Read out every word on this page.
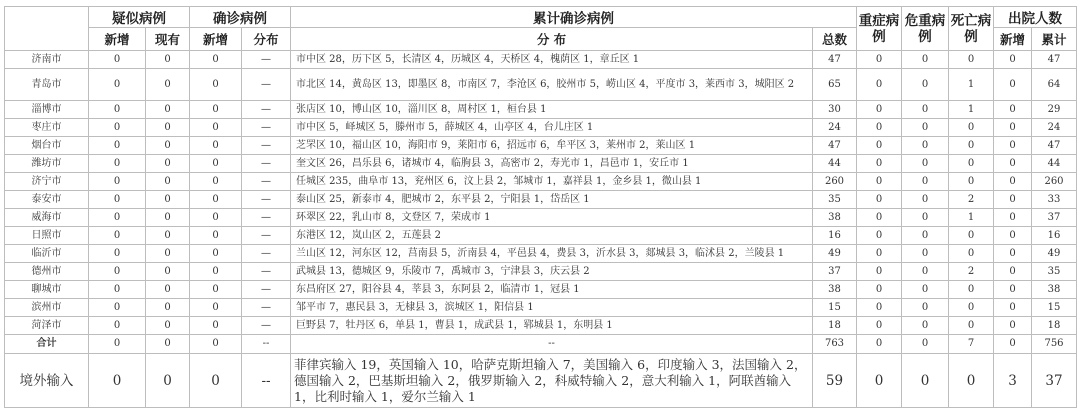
	疑似病例		确诊病例		累计确诊病例		重症病例	危重病例	死亡病例	出院人数	
	新增	现有	新增	分布	分 布	总数				新增	累计
济南市	0	0	0	—	市中区 28，历下区 5，长清区 4，历城区 4，天桥区 4，槐荫区 1，章丘区 1	47	0	0	0	0	47
青岛市	0	0	0	—	市北区 14，黄岛区 13，即墨区 8，市南区 7，李沧区 6，胶州市 5，崂山区 4，平度市 3，莱西市 3，城阳区 2	65	0	0	1	0	64
淄博市	0	0	0	—	张店区 10，博山区 10，淄川区 8，周村区 1，桓台县 1	30	0	0	1	0	29
枣庄市	0	0	0	—	市中区 5，峄城区 5，滕州市 5，薛城区 4，山亭区 4，台儿庄区 1	24	0	0	0	0	24
烟台市	0	0	0	—	芝罘区 10，福山区 10，海阳市 9，莱阳市 6，招远市 6，牟平区 3，莱州市 2，莱山区 1	47	0	0	0	0	47
潍坊市	0	0	0	—	奎文区 26，昌乐县 6，诸城市 4，临朐县 3，高密市 2，寿光市 1，昌邑市 1，安丘市 1	44	0	0	0	0	44
济宁市	0	0	0	—	任城区 235，曲阜市 13，兖州区 6，汶上县 2，邹城市 1，嘉祥县 1，金乡县 1，微山县 1	260	0	0	0	0	260
泰安市	0	0	0	—	泰山区 25，新泰市 4，肥城市 2，东平县 2，宁阳县 1，岱岳区 1	35	0	0	2	0	33
威海市	0	0	0	—	环翠区 22，乳山市 8，文登区 7，荣成市 1	38	0	0	1	0	37
日照市	0	0	0	—	东港区 12，岚山区 2，五莲县 2	16	0	0	0	0	16
临沂市	0	0	0	—	兰山区 12，河东区 12，莒南县 5，沂南县 4，平邑县 4，费县 3，沂水县 3，郯城县 3，临沭县 2，兰陵县 1	49	0	0	0	0	49
德州市	0	0	0	—	武城县 13，德城区 9，乐陵市 7，禹城市 3，宁津县 3，庆云县 2	37	0	0	2	0	35
聊城市	0	0	0	—	东昌府区 27，阳谷县 4，莘县 3，东阿县 2，临清市 1，冠县 1	38	0	0	0	0	38
滨州市	0	0	0	—	邹平市 7，惠民县 3，无棣县 3，滨城区 1，阳信县 1	15	0	0	0	0	15
菏泽市	0	0	0	—	巨野县 7，牡丹区 6，单县 1，曹县 1，成武县 1，郓城县 1，东明县 1	18	0	0	0	0	18
合计	0	0	0	--	--	763	0	0	7	0	756
境外输入	0	0	0	--	菲律宾输入 19，英国输入 10，哈萨克斯坦输入 7，美国输入 6，印度输入 3，法国输入 2，德国输入 2，巴基斯坦输入 2，俄罗斯输入 2，科威特输入 2，意大利输入 1，阿联酋输入 1，比利时输入 1，爱尔兰输入 1	59	0	0	0	3	37
